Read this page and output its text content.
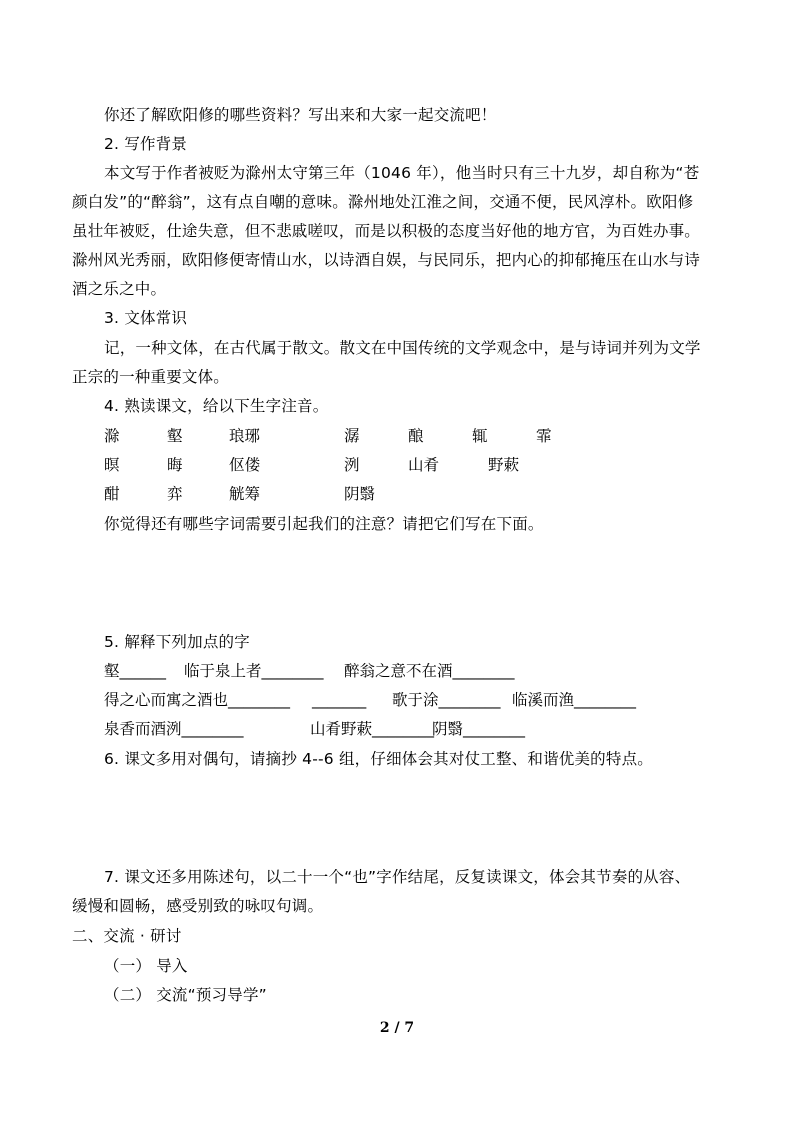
你还了解欧阳修的哪些资料？写出来和大家一起交流吧！
2. 写作背景
本文写于作者被贬为滁州太守第三年（1046 年），他当时只有三十九岁，却自称为“苍
颜白发”的“醉翁”，这有点自嘲的意味。滁州地处江淮之间，交通不便，民风淳朴。欧阳修
虽壮年被贬，仕途失意，但不悲戚嗟叹，而是以积极的态度当好他的地方官，为百姓办事。
滁州风光秀丽，欧阳修便寄情山水，以诗酒自娱，与民同乐，把内心的抑郁掩压在山水与诗
酒之乐之中。
3. 文体常识
记，一种文体，在古代属于散文。散文在中国传统的文学观念中，是与诗词并列为文学
正宗的一种重要文体。
4. 熟读课文，给以下生字注音。
滁	壑	琅琊	潺	酿	辄	霏
暝	晦	伛偻	洌	山肴	野蔌
酣	弈	觥筹	阴翳
你觉得还有哪些字词需要引起我们的注意？请把它们写在下面。
5. 解释下列加点的字
壑______ 临于泉上者________ 醉翁之意不在酒________
得之心而寓之酒也________ _______ 歌于涂________ 临溪而渔________
泉香而酒洌________	山肴野蔌________
阴翳________
6. 课文多用对偶句，请摘抄 4--6 组，仔细体会其对仗工整、和谐优美的特点。
7. 课文还多用陈述句，以二十一个“也”字作结尾，反复读课文，体会其节奏的从容、
缓慢和圆畅，感受别致的咏叹句调。
二、交流 · 研讨
（一） 导入
（二） 交流“预习导学”
2 / 7
